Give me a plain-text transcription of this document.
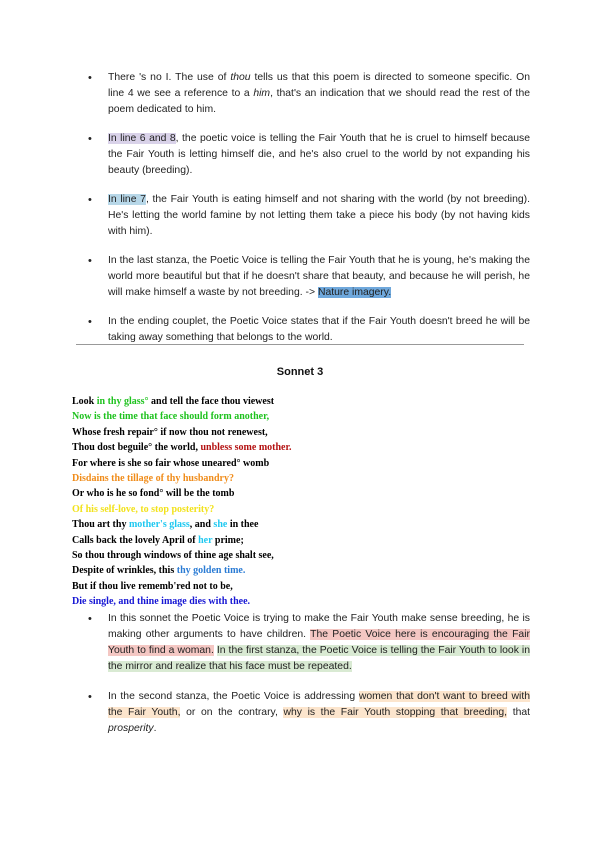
• There 's no I. The use of thou tells us that this poem is directed to someone specific. On line 4 we see a reference to a him, that's an indication that we should read the rest of the poem dedicated to him.
• In line 6 and 8, the poetic voice is telling the Fair Youth that he is cruel to himself because the Fair Youth is letting himself die, and he's also cruel to the world by not expanding his beauty (breeding).
• In line 7, the Fair Youth is eating himself and not sharing with the world (by not breeding). He's letting the world famine by not letting them take a piece his body (by not having kids with him).
• In the last stanza, the Poetic Voice is telling the Fair Youth that he is young, he's making the world more beautiful but that if he doesn't share that beauty, and because he will perish, he will make himself a waste by not breeding. -> Nature imagery.
• In the ending couplet, the Poetic Voice states that if the Fair Youth doesn't breed he will be taking away something that belongs to the world.
Sonnet 3
Look in thy glass° and tell the face thou viewest
Now is the time that face should form another,
Whose fresh repair° if now thou not renewest,
Thou dost beguile° the world, unbless some mother.
For where is she so fair whose uneared° womb
Disdains the tillage of thy husbandry?
Or who is he so fond° will be the tomb
Of his self-love, to stop posterity?
Thou art thy mother's glass, and she in thee
Calls back the lovely April of her prime;
So thou through windows of thine age shalt see,
Despite of wrinkles, this thy golden time.
But if thou live rememb'red not to be,
Die single, and thine image dies with thee.
• In this sonnet the Poetic Voice is trying to make the Fair Youth make sense breeding, he is making other arguments to have children. The Poetic Voice here is encouraging the Fair Youth to find a woman. In the first stanza, the Poetic Voice is telling the Fair Youth to look in the mirror and realize that his face must be repeated.
• In the second stanza, the Poetic Voice is addressing women that don't want to breed with the Fair Youth, or on the contrary, why is the Fair Youth stopping that breeding, that prosperity.
